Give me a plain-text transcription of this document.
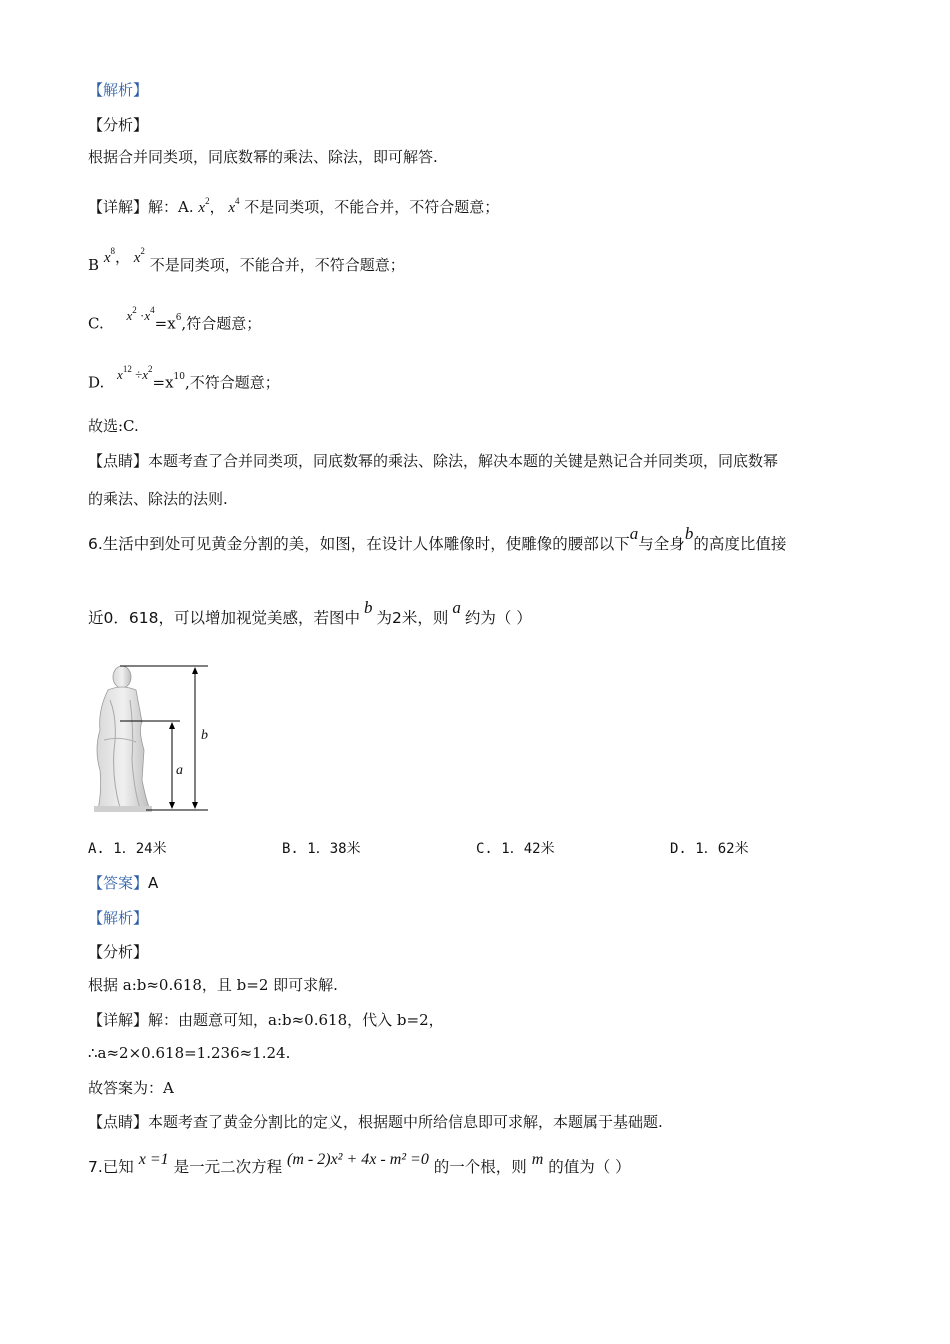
【解析】
【分析】
根据合并同类项，同底数幂的乘法、除法，即可解答.
【详解】解：A. $x^2$， $x^4$ 不是同类项，不能合并，不符合题意；
B $x^8$， $x^2$ 不是同类项，不能合并，不符合题意；
C. $x^2 \cdot x^4=x^6$,符合题意；
D. $x^{12} \div x^2=x^{10}$,不符合题意；
故选:C.
【点睛】本题考查了合并同类项，同底数幂的乘法、除法，解决本题的关键是熟记合并同类项，同底数幂
的乘法、除法的法则.
6.生活中到处可见黄金分割的美，如图，在设计人体雕像时，使雕像的腰部以下a与全身b的高度比值接
近0．618，可以增加视觉美感，若图中b为2米，则a约为（ ）
b
a
A. 1．24米	B. 1．38米	C. 1．42米	D. 1．62米
【答案】A
【解析】
【分析】
根据 a:b≈0.618，且 b=2 即可求解.
【详解】解：由题意可知，a:b≈0.618，代入 b=2，
∴a≈2×0.618=1.236≈1.24.
故答案为：A
【点睛】本题考查了黄金分割比的定义，根据题中所给信息即可求解，本题属于基础题.
7.已知 x =1 是一元二次方程 (m - 2)x² + 4x - m² =0 的一个根，则 m 的值为（ ）
